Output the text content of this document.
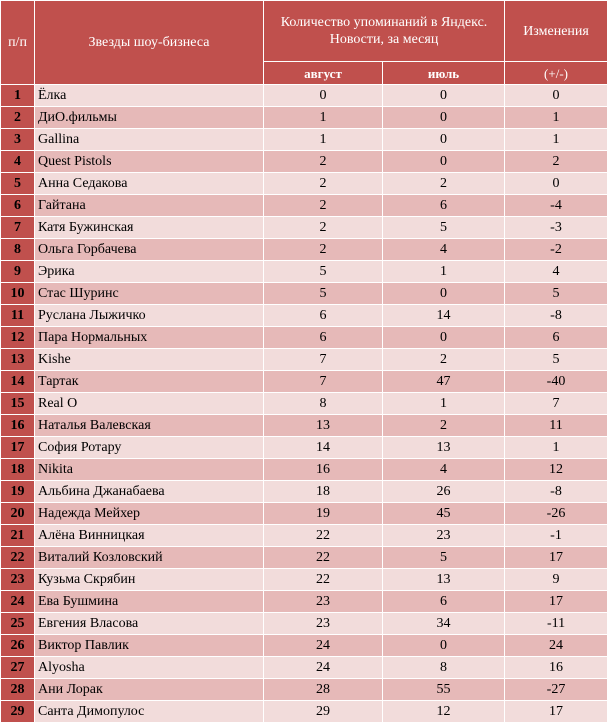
п/п	Звезды шоу-бизнеса	Количество упоминаний в Яндекс. Новости, за месяц		Изменения
		август	июль	(+/-)
1	Ёлка	0	0	0
2	ДиО.фильмы	1	0	1
3	Gallina	1	0	1
4	Quest Pistols	2	0	2
5	Анна Седакова	2	2	0
6	Гайтана	2	6	-4
7	Катя Бужинская	2	5	-3
8	Ольга Горбачева	2	4	-2
9	Эрика	5	1	4
10	Стас Шуринс	5	0	5
11	Руслана Лыжичко	6	14	-8
12	Пара Нормальных	6	0	6
13	Kishe	7	2	5
14	Тартак	7	47	-40
15	Real O	8	1	7
16	Наталья Валевская	13	2	11
17	София Ротару	14	13	1
18	Nikita	16	4	12
19	Альбина Джанабаева	18	26	-8
20	Надежда Мейхер	19	45	-26
21	Алёна Винницкая	22	23	-1
22	Виталий Козловский	22	5	17
23	Кузьма Скрябин	22	13	9
24	Ева Бушмина	23	6	17
25	Евгения Власова	23	34	-11
26	Виктор Павлик	24	0	24
27	Alyosha	24	8	16
28	Ани Лорак	28	55	-27
29	Санта Димопулос	29	12	17
